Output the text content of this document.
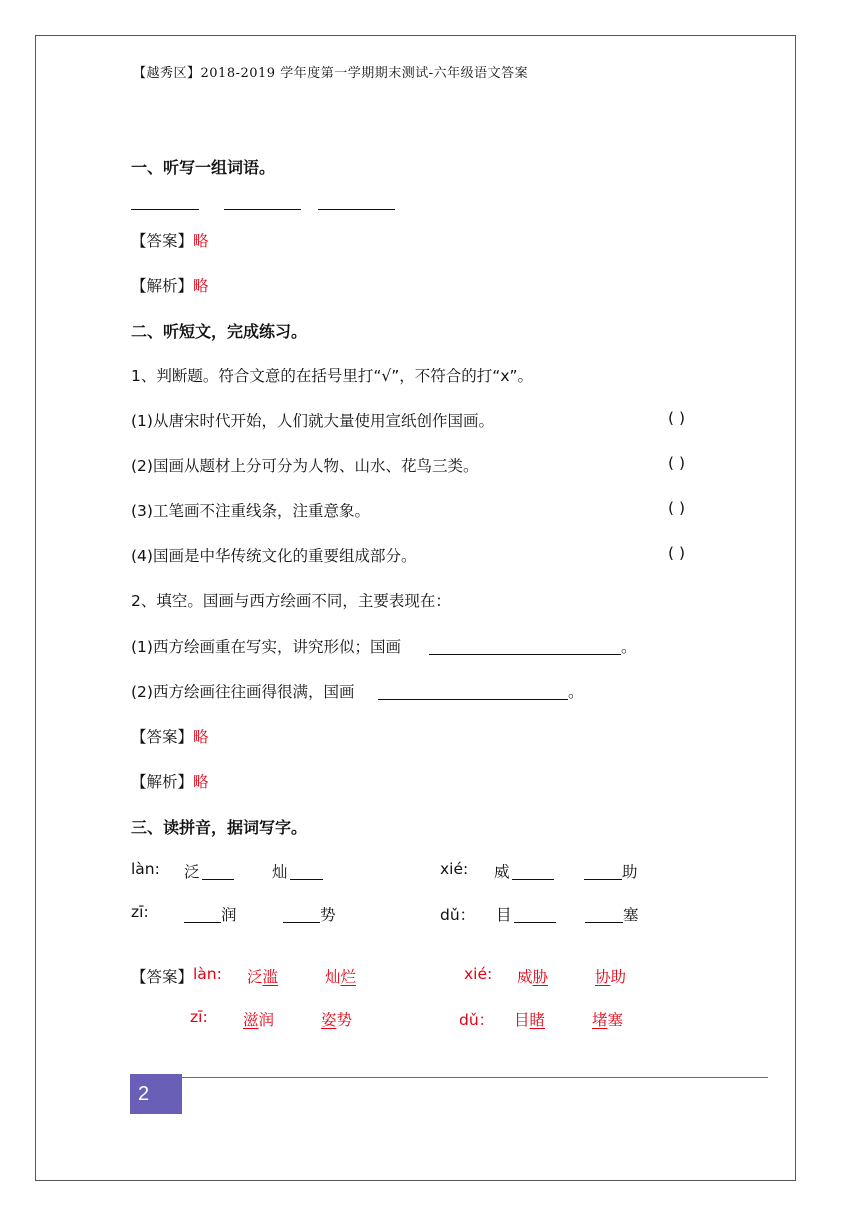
【越秀区】2018-2019 学年度第一学期期末测试-六年级语文答案
一、听写一组词语。
【答案】略
【解析】略
二、听短文，完成练习。
1、判断题。符合文意的在括号里打“√”，不符合的打“x”。
(1)从唐宋时代开始，人们就大量使用宣纸创作国画。	( )
(2)国画从题材上分可分为人物、山水、花鸟三类。	( )
(3)工笔画不注重线条，注重意象。	( )
(4)国画是中华传统文化的重要组成部分。	( )
2、填空。国画与西方绘画不同，主要表现在：
(1)西方绘画重在写实，讲究形似；国画	。
(2)西方绘画往往画得很满，国画	。
【答案】略
【解析】略
三、读拼音，据词写字。
làn: 泛	灿	xié: 威	助
zī:	润	势	dǔ： 目	塞
【答案】 làn: 泛滥	灿烂	xié: 威胁	协助
zī: 滋润	姿势	dǔ： 目睹	堵塞
2
